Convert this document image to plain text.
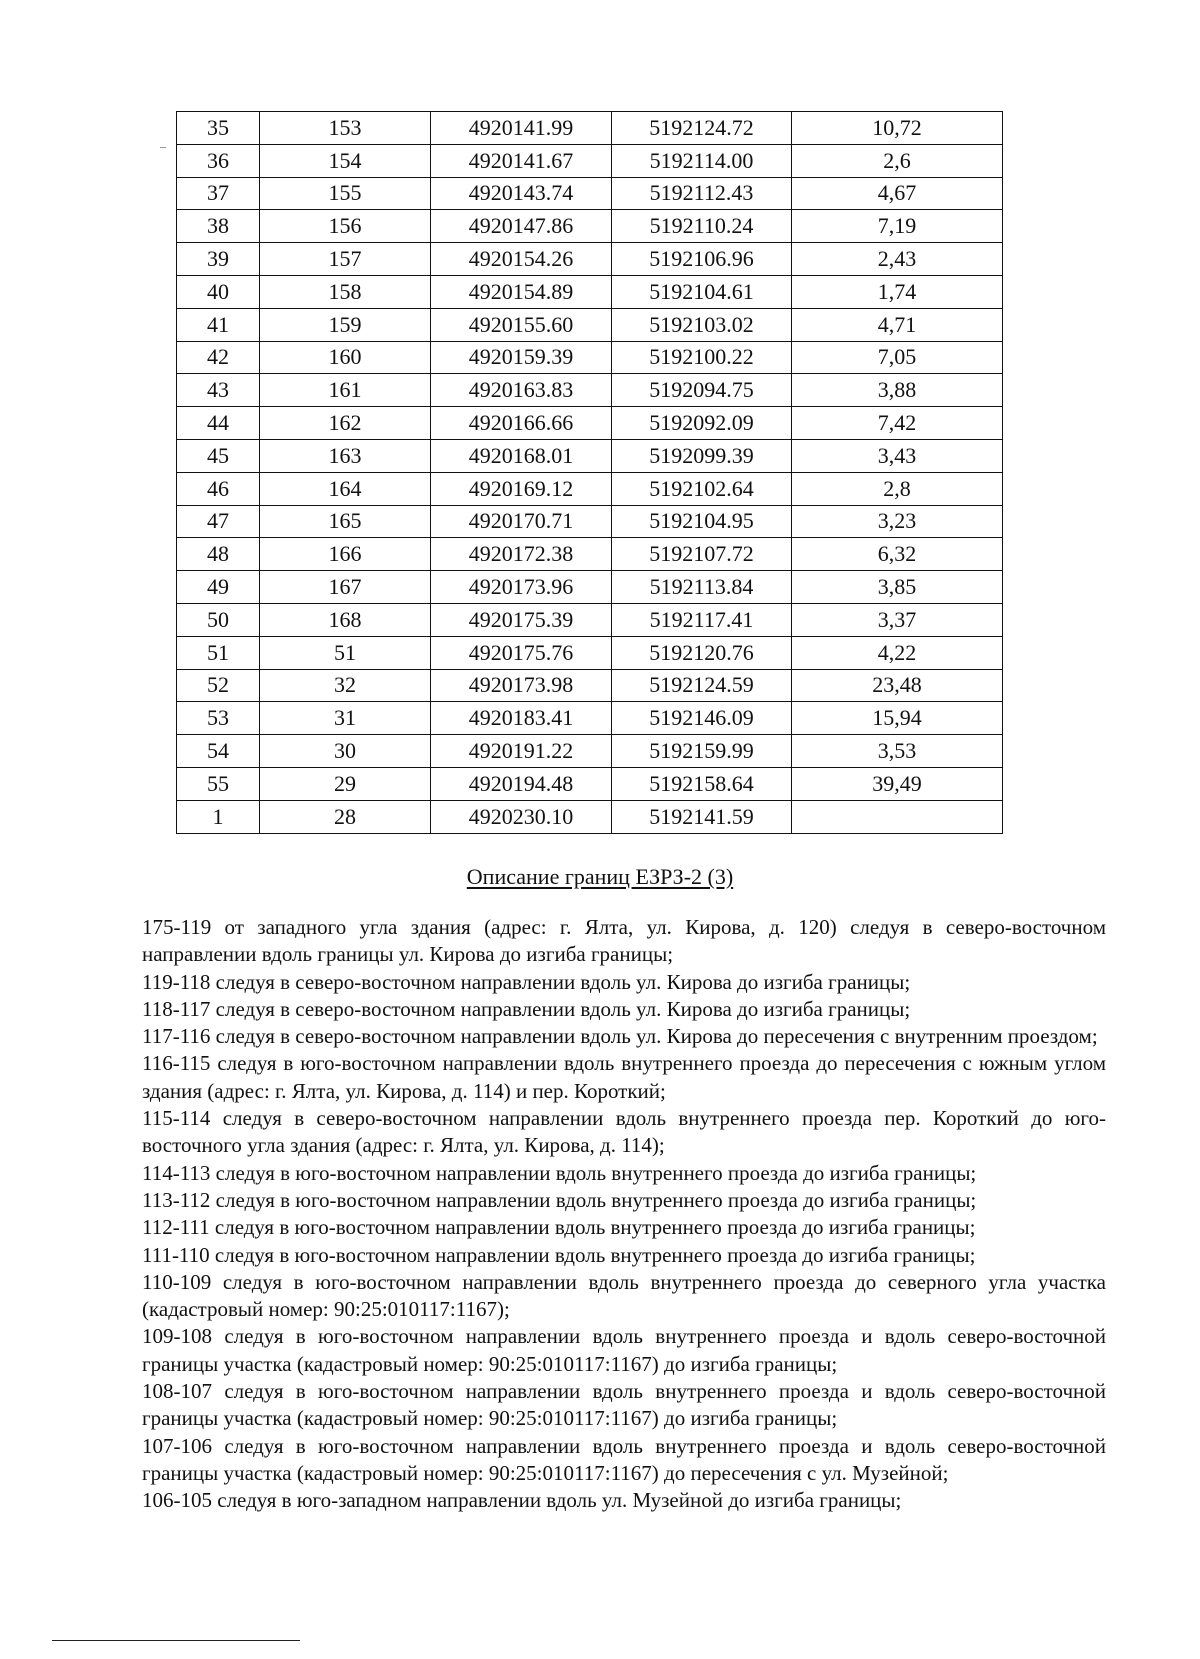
35	153	4920141.99	5192124.72	10,72
36	154	4920141.67	5192114.00	2,6
37	155	4920143.74	5192112.43	4,67
38	156	4920147.86	5192110.24	7,19
39	157	4920154.26	5192106.96	2,43
40	158	4920154.89	5192104.61	1,74
41	159	4920155.60	5192103.02	4,71
42	160	4920159.39	5192100.22	7,05
43	161	4920163.83	5192094.75	3,88
44	162	4920166.66	5192092.09	7,42
45	163	4920168.01	5192099.39	3,43
46	164	4920169.12	5192102.64	2,8
47	165	4920170.71	5192104.95	3,23
48	166	4920172.38	5192107.72	6,32
49	167	4920173.96	5192113.84	3,85
50	168	4920175.39	5192117.41	3,37
51	51	4920175.76	5192120.76	4,22
52	32	4920173.98	5192124.59	23,48
53	31	4920183.41	5192146.09	15,94
54	30	4920191.22	5192159.99	3,53
55	29	4920194.48	5192158.64	39,49
1	28	4920230.10	5192141.59	
Описание границ ЕЗРЗ-2 (3)
175-119 от западного угла здания (адрес: г. Ялта, ул. Кирова, д. 120) следуя в северо-восточном направлении вдоль границы ул. Кирова до изгиба границы;
119-118 следуя в северо-восточном направлении вдоль ул. Кирова до изгиба границы;
118-117 следуя в северо-восточном направлении вдоль ул. Кирова до изгиба границы;
117-116 следуя в северо-восточном направлении вдоль ул. Кирова до пересечения с внутренним проездом;
116-115 следуя в юго-восточном направлении вдоль внутреннего проезда до пересечения с южным углом здания (адрес: г. Ялта, ул. Кирова, д. 114) и пер. Короткий;
115-114 следуя в северо-восточном направлении вдоль внутреннего проезда пер. Короткий до юго-восточного угла здания (адрес: г. Ялта, ул. Кирова, д. 114);
114-113 следуя в юго-восточном направлении вдоль внутреннего проезда до изгиба границы;
113-112 следуя в юго-восточном направлении вдоль внутреннего проезда до изгиба границы;
112-111 следуя в юго-восточном направлении вдоль внутреннего проезда до изгиба границы;
111-110 следуя в юго-восточном направлении вдоль внутреннего проезда до изгиба границы;
110-109 следуя в юго-восточном направлении вдоль внутреннего проезда до северного угла участка (кадастровый номер: 90:25:010117:1167);
109-108 следуя в юго-восточном направлении вдоль внутреннего проезда и вдоль северо-восточной границы участка (кадастровый номер: 90:25:010117:1167) до изгиба границы;
108-107 следуя в юго-восточном направлении вдоль внутреннего проезда и вдоль северо-восточной границы участка (кадастровый номер: 90:25:010117:1167) до изгиба границы;
107-106 следуя в юго-восточном направлении вдоль внутреннего проезда и вдоль северо-восточной границы участка (кадастровый номер: 90:25:010117:1167) до пересечения с ул. Музейной;
106-105 следуя в юго-западном направлении вдоль ул. Музейной до изгиба границы;
